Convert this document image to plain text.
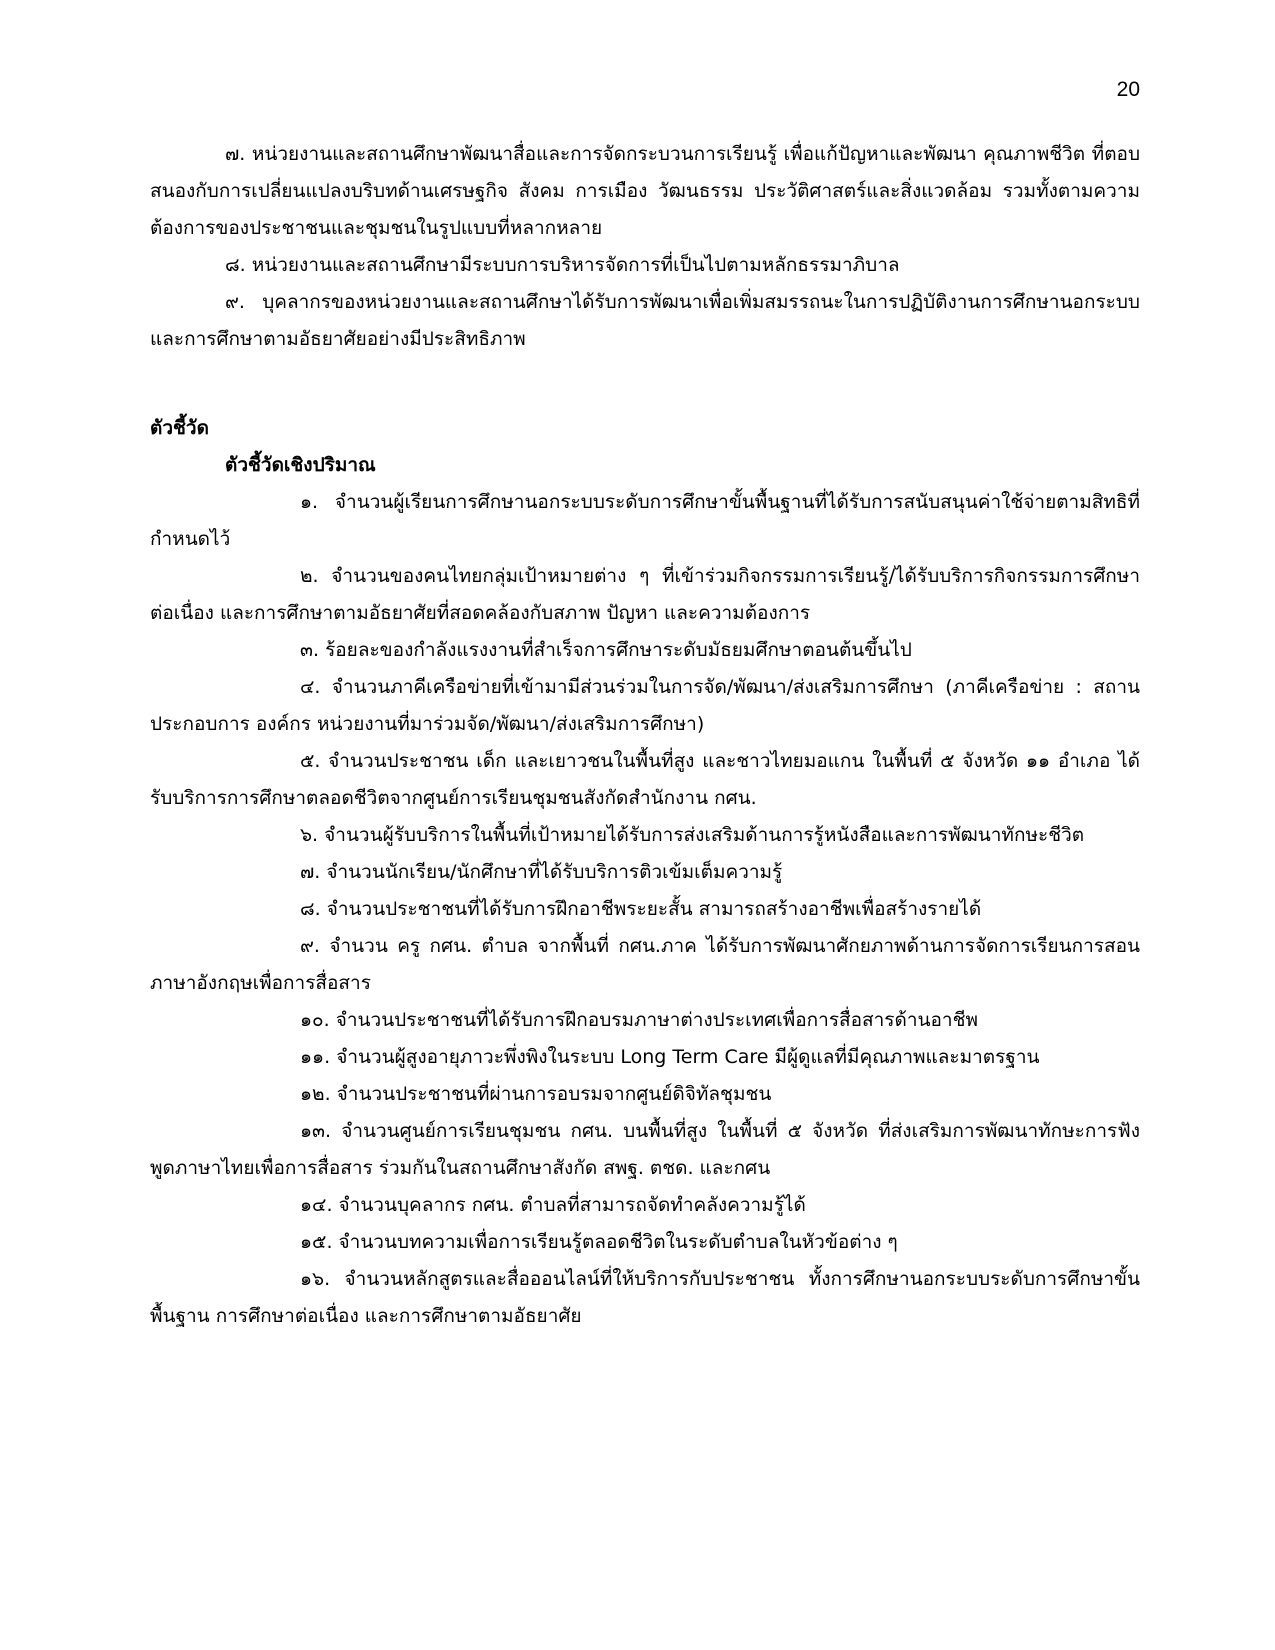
20

๗. หน่วยงานและสถานศึกษาพัฒนาสื่อและการจัดกระบวนการเรียนรู้ เพื่อแก้ปัญหาและพัฒนา คุณภาพชีวิต ที่ตอบสนองกับการเปลี่ยนแปลงบริบทด้านเศรษฐกิจ สังคม การเมือง วัฒนธรรม ประวัติศาสตร์และสิ่งแวดล้อม รวมทั้งตามความต้องการของประชาชนและชุมชนในรูปแบบที่หลากหลาย

๘. หน่วยงานและสถานศึกษามีระบบการบริหารจัดการที่เป็นไปตามหลักธรรมาภิบาล

๙. บุคลากรของหน่วยงานและสถานศึกษาได้รับการพัฒนาเพื่อเพิ่มสมรรถนะในการปฏิบัติงานการศึกษานอกระบบและการศึกษาตามอัธยาศัยอย่างมีประสิทธิภาพ

ตัวชี้วัด
ตัวชี้วัดเชิงปริมาณ

๑. จำนวนผู้เรียนการศึกษานอกระบบระดับการศึกษาขั้นพื้นฐานที่ได้รับการสนับสนุนค่าใช้จ่ายตามสิทธิที่กำหนดไว้

๒. จำนวนของคนไทยกลุ่มเป้าหมายต่าง ๆ ที่เข้าร่วมกิจกรรมการเรียนรู้/ได้รับบริการกิจกรรมการศึกษาต่อเนื่อง และการศึกษาตามอัธยาศัยที่สอดคล้องกับสภาพ ปัญหา และความต้องการ

๓. ร้อยละของกำลังแรงงานที่สำเร็จการศึกษาระดับมัธยมศึกษาตอนต้นขึ้นไป

๔. จำนวนภาคีเครือข่ายที่เข้ามามีส่วนร่วมในการจัด/พัฒนา/ส่งเสริมการศึกษา (ภาคีเครือข่าย : สถานประกอบการ องค์กร หน่วยงานที่มาร่วมจัด/พัฒนา/ส่งเสริมการศึกษา)

๕. จำนวนประชาชน เด็ก และเยาวชนในพื้นที่สูง และชาวไทยมอแกน ในพื้นที่ ๕ จังหวัด ๑๑ อำเภอ ได้รับบริการการศึกษาตลอดชีวิตจากศูนย์การเรียนชุมชนสังกัดสำนักงาน กศน.

๖. จำนวนผู้รับบริการในพื้นที่เป้าหมายได้รับการส่งเสริมด้านการรู้หนังสือและการพัฒนาทักษะชีวิต

๗. จำนวนนักเรียน/นักศึกษาที่ได้รับบริการติวเข้มเต็มความรู้

๘. จำนวนประชาชนที่ได้รับการฝึกอาชีพระยะสั้น สามารถสร้างอาชีพเพื่อสร้างรายได้

๙. จำนวน ครู กศน. ตำบล จากพื้นที่ กศน.ภาค ได้รับการพัฒนาศักยภาพด้านการจัดการเรียนการสอนภาษาอังกฤษเพื่อการสื่อสาร

๑๐. จำนวนประชาชนที่ได้รับการฝึกอบรมภาษาต่างประเทศเพื่อการสื่อสารด้านอาชีพ

๑๑. จำนวนผู้สูงอายุภาวะพึ่งพิงในระบบ Long Term Care มีผู้ดูแลที่มีคุณภาพและมาตรฐาน

๑๒. จำนวนประชาชนที่ผ่านการอบรมจากศูนย์ดิจิทัลชุมชน

๑๓. จำนวนศูนย์การเรียนชุมชน กศน. บนพื้นที่สูง ในพื้นที่ ๕ จังหวัด ที่ส่งเสริมการพัฒนาทักษะการฟัง พูดภาษาไทยเพื่อการสื่อสาร ร่วมกันในสถานศึกษาสังกัด สพฐ. ตชด. และกศน

๑๔. จำนวนบุคลากร กศน. ตำบลที่สามารถจัดทำคลังความรู้ได้

๑๕. จำนวนบทความเพื่อการเรียนรู้ตลอดชีวิตในระดับตำบลในหัวข้อต่าง ๆ

๑๖. จำนวนหลักสูตรและสื่อออนไลน์ที่ให้บริการกับประชาชน ทั้งการศึกษานอกระบบระดับการศึกษาขั้นพื้นฐาน การศึกษาต่อเนื่อง และการศึกษาตามอัธยาศัย
